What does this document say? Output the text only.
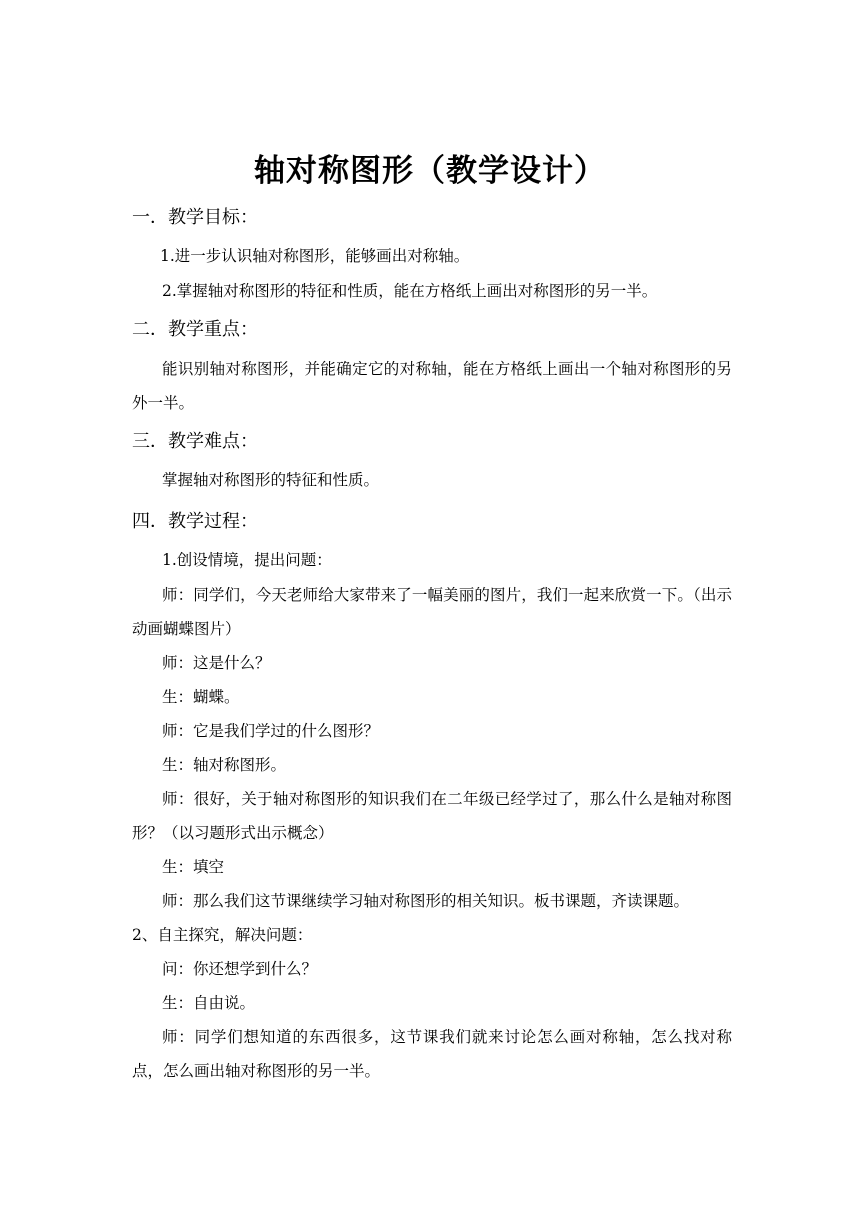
轴对称图形（教学设计）
一．教学目标：
1.进一步认识轴对称图形，能够画出对称轴。
2.掌握轴对称图形的特征和性质，能在方格纸上画出对称图形的另一半。
二．教学重点：
能识别轴对称图形，并能确定它的对称轴，能在方格纸上画出一个轴对称图形的另外一半。
三．教学难点：
掌握轴对称图形的特征和性质。
四．教学过程：
1.创设情境，提出问题：
师：同学们，今天老师给大家带来了一幅美丽的图片，我们一起来欣赏一下。（出示动画蝴蝶图片）
师：这是什么？
生：蝴蝶。
师：它是我们学过的什么图形？
生：轴对称图形。
师：很好，关于轴对称图形的知识我们在二年级已经学过了，那么什么是轴对称图形？（以习题形式出示概念）
生：填空
师：那么我们这节课继续学习轴对称图形的相关知识。板书课题，齐读课题。
2、自主探究，解决问题：
问：你还想学到什么？
生：自由说。
师：同学们想知道的东西很多，这节课我们就来讨论怎么画对称轴，怎么找对称点，怎么画出轴对称图形的另一半。
